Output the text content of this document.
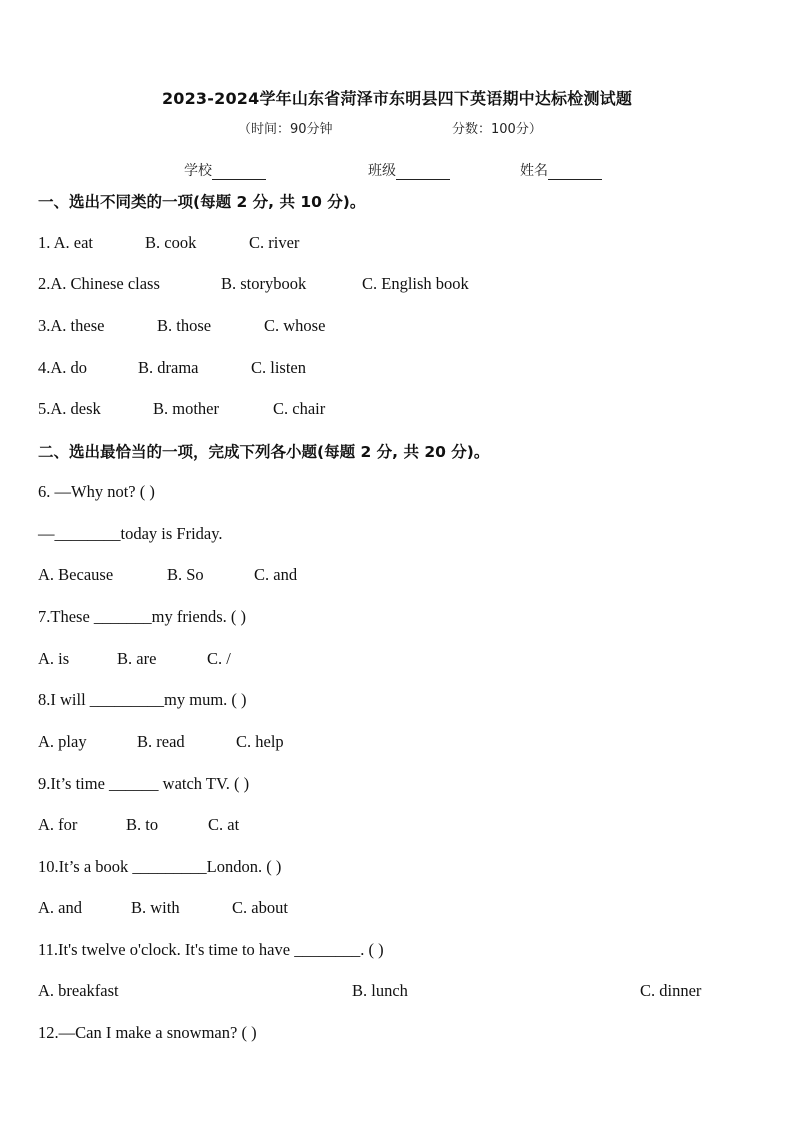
2023-2024学年山东省菏泽市东明县四下英语期中达标检测试题
（时间：90分钟	分数：100分）
学校	班级	姓名
一、选出不同类的一项(每题 2 分, 共 10 分)。
1. A. eat	B. cook	C. river
2.A. Chinese class	B. storybook	C. English book
3.A. these	B. those	C. whose
4.A. do	B. drama	C. listen
5.A. desk	B. mother	C. chair
二、选出最恰当的一项，完成下列各小题(每题 2 分, 共 20 分)。
6. —Why not? ( )
—________today is Friday.
A. Because	B. So	C. and
7.These _______my friends. ( )
A. is	B. are	C. /
8.I will _________my mum. ( )
A. play	B. read	C. help
9.It’s time ______ watch TV. ( )
A. for	B. to	C. at
10.It’s a book _________London. ( )
A. and	B. with	C. about
11.It's twelve o'clock. It's time to have ________. ( )
A. breakfast	B. lunch	C. dinner
12.—Can I make a snowman? ( )
